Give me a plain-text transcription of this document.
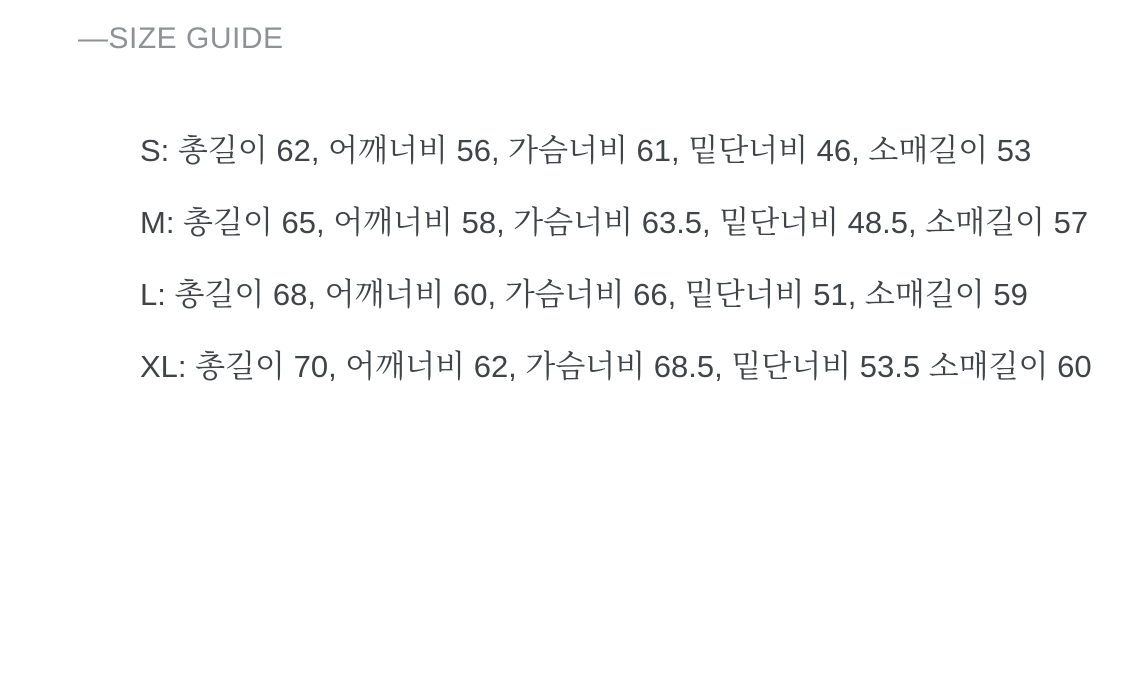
—SIZE GUIDE
S: 총길이 62, 어깨너비 56, 가슴너비 61, 밑단너비 46, 소매길이 53
M: 총길이 65, 어깨너비 58, 가슴너비 63.5, 밑단너비 48.5, 소매길이 57
L: 총길이 68, 어깨너비 60, 가슴너비 66, 밑단너비 51, 소매길이 59
XL: 총길이 70, 어깨너비 62, 가슴너비 68.5, 밑단너비 53.5 소매길이 60
